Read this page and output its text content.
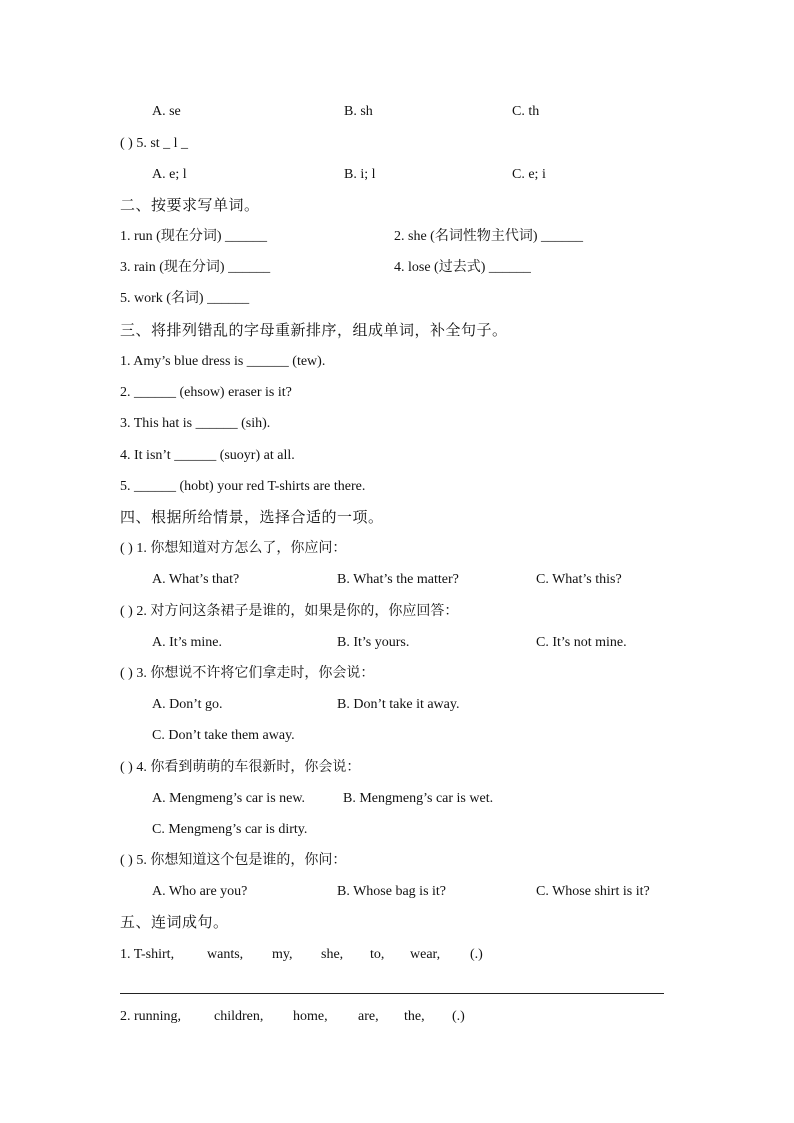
A. se	B. sh	C. th
( ) 5. st _ l _
A. e; l	B. i; l	C. e; i
二、按要求写单词。
1. run (现在分词) ______	2. she (名词性物主代词) ______
3. rain (现在分词) ______	4. lose (过去式) ______
5. work (名词) ______
三、将排列错乱的字母重新排序，组成单词，补全句子。
1. Amy’s blue dress is ______ (tew).
2. ______ (ehsow) eraser is it?
3. This hat is ______ (sih).
4. It isn’t ______ (suoyr) at all.
5. ______ (hobt) your red T-shirts are there.
四、根据所给情景，选择合适的一项。
( ) 1. 你想知道对方怎么了，你应问：
A. What’s that?	B. What’s the matter?	C. What’s this?
( ) 2. 对方问这条裙子是谁的，如果是你的，你应回答：
A. It’s mine.	B. It’s yours.	C. It’s not mine.
( ) 3. 你想说不许将它们拿走时，你会说：
A. Don’t go.	B. Don’t take it away.
C. Don’t take them away.
( ) 4. 你看到萌萌的车很新时，你会说：
A. Mengmeng’s car is new.	B. Mengmeng’s car is wet.
C. Mengmeng’s car is dirty.
( ) 5. 你想知道这个包是谁的，你问：
A. Who are you?	B. Whose bag is it?	C. Whose shirt is it?
五、连词成句。
1. T-shirt, wants, my, she, to, wear, (.)
2. running, children, home, are, the, (.)
